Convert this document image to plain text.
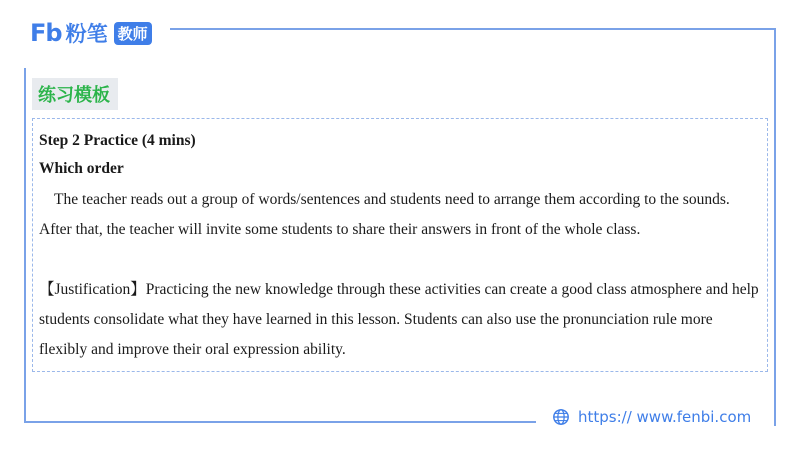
Fb 粉笔 教师
练习模板

Step 2 Practice (4 mins)

Which order

The teacher reads out a group of words/sentences and students need to arrange them according to the sounds. After that, the teacher will invite some students to share their answers in front of the whole class.

【Justification】Practicing the new knowledge through these activities can create a good class atmosphere and help students consolidate what they have learned in this lesson. Students can also use the pronunciation rule more flexibly and improve their oral expression ability.

https:// www.fenbi.com
